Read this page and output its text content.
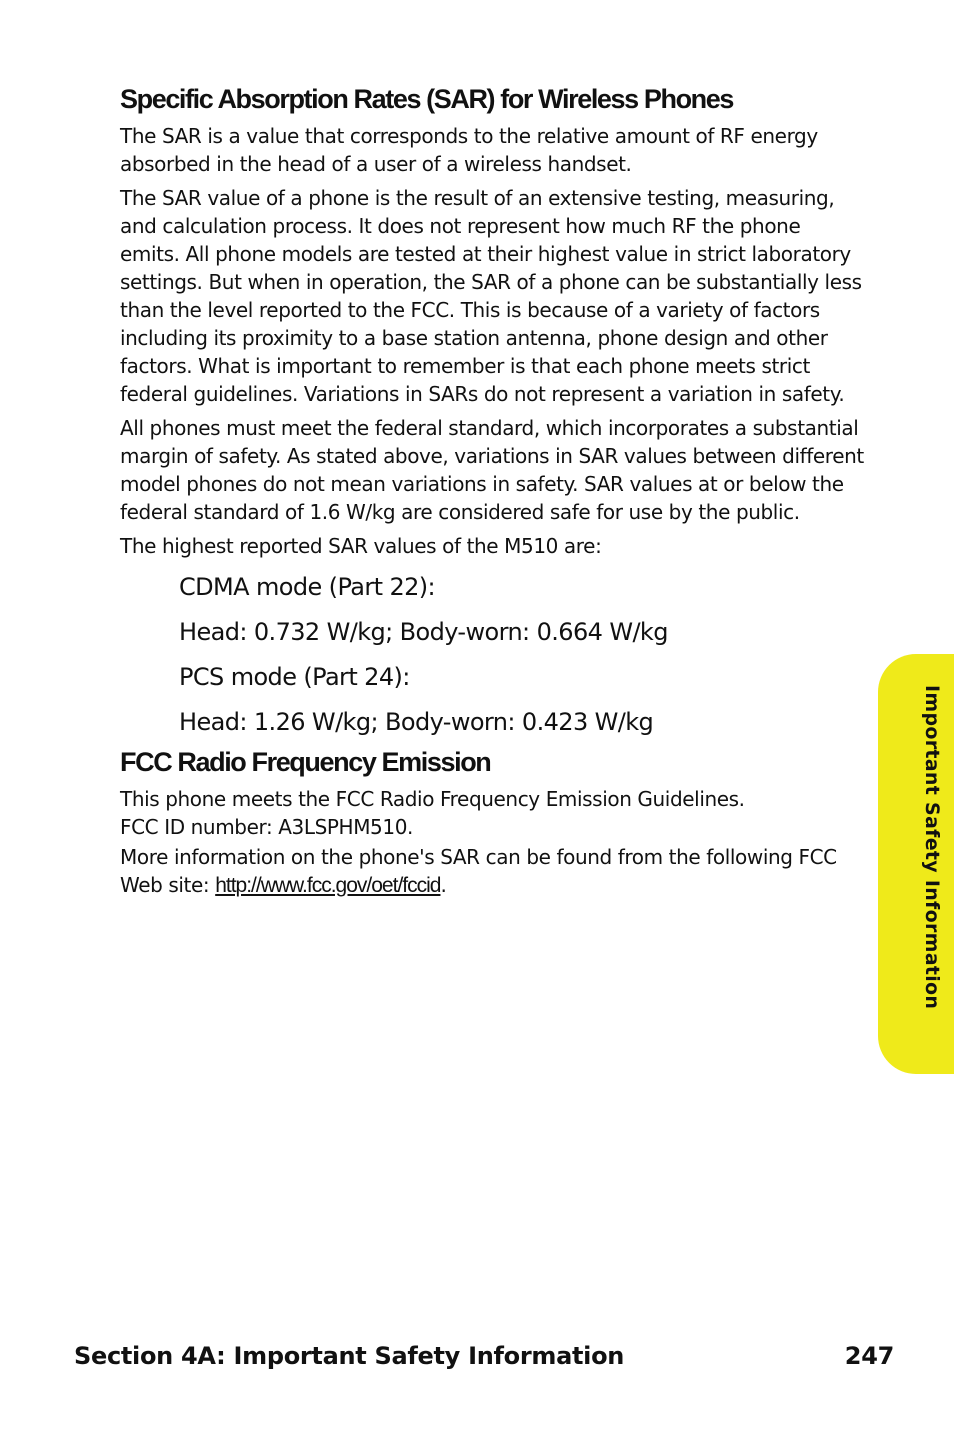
Specific Absorption Rates (SAR) for Wireless Phones

The SAR is a value that corresponds to the relative amount of RF energy absorbed in the head of a user of a wireless handset.

The SAR value of a phone is the result of an extensive testing, measuring, and calculation process. It does not represent how much RF the phone emits. All phone models are tested at their highest value in strict laboratory settings. But when in operation, the SAR of a phone can be substantially less than the level reported to the FCC. This is because of a variety of factors including its proximity to a base station antenna, phone design and other factors. What is important to remember is that each phone meets strict federal guidelines. Variations in SARs do not represent a variation in safety.

All phones must meet the federal standard, which incorporates a substantial margin of safety. As stated above, variations in SAR values between different model phones do not mean variations in safety. SAR values at or below the federal standard of 1.6 W/kg are considered safe for use by the public.

The highest reported SAR values of the M510 are:

CDMA mode (Part 22):
Head: 0.732 W/kg; Body-worn: 0.664 W/kg
PCS mode (Part 24):
Head: 1.26 W/kg; Body-worn: 0.423 W/kg
FCC Radio Frequency Emission

This phone meets the FCC Radio Frequency Emission Guidelines.
FCC ID number: A3LSPHM510.

More information on the phone's SAR can be found from the following FCC Web site: http://www.fcc.gov/oet/fccid.	Important Safety Information
Section 4A: Important Safety Information	247
